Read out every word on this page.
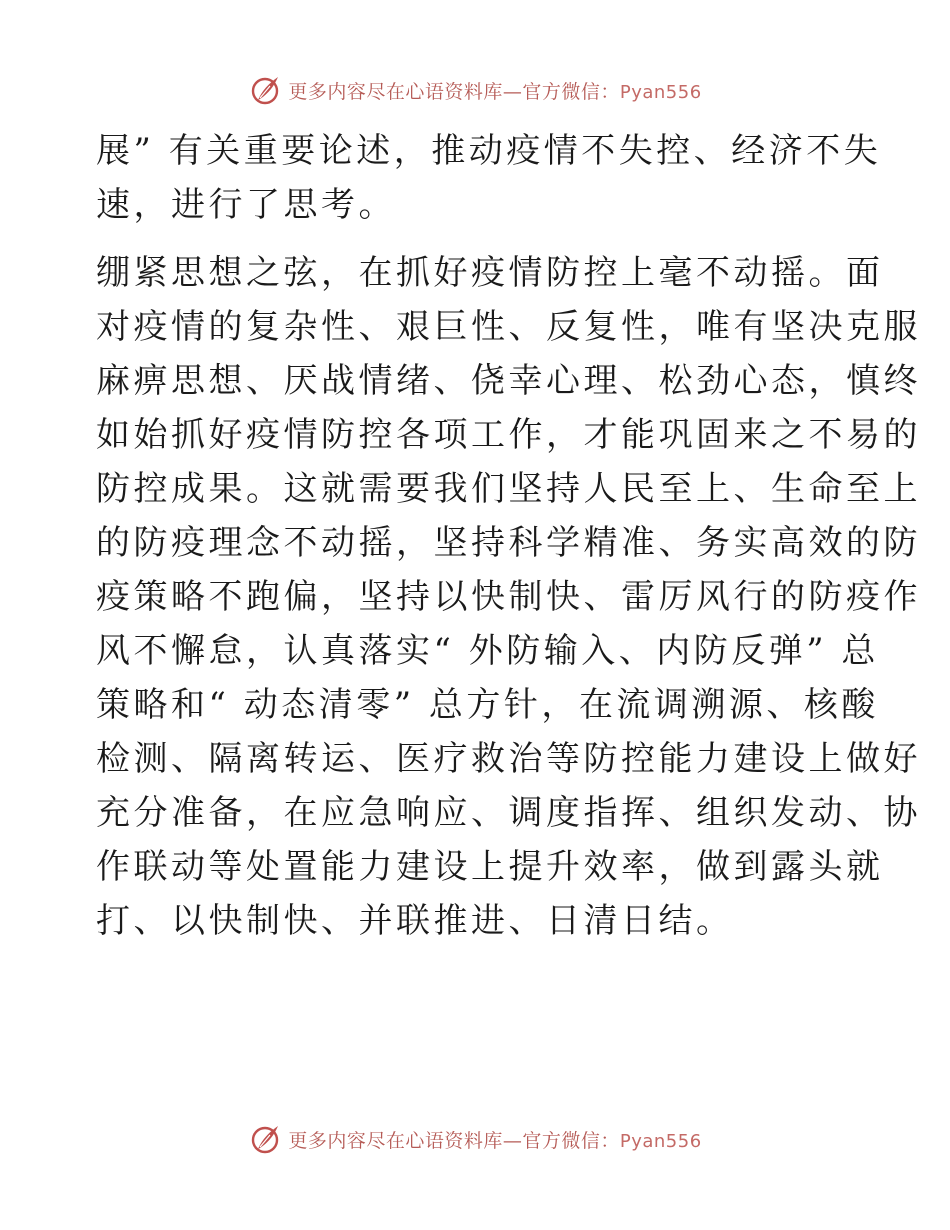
更多内容尽在心语资料库—官方微信：Pyan556
展” 有关重要论述，推动疫情不失控、经济不失
速，进行了思考。
绷紧思想之弦，在抓好疫情防控上毫不动摇。面
对疫情的复杂性、艰巨性、反复性，唯有坚决克服
麻痹思想、厌战情绪、侥幸心理、松劲心态，慎终
如始抓好疫情防控各项工作，才能巩固来之不易的
防控成果。这就需要我们坚持人民至上、生命至上
的防疫理念不动摇，坚持科学精准、务实高效的防
疫策略不跑偏，坚持以快制快、雷厉风行的防疫作
风不懈怠，认真落实“ 外防输入、内防反弹” 总
策略和“ 动态清零” 总方针，在流调溯源、核酸
检测、隔离转运、医疗救治等防控能力建设上做好
充分准备，在应急响应、调度指挥、组织发动、协
作联动等处置能力建设上提升效率，做到露头就
打、以快制快、并联推进、日清日结。
更多内容尽在心语资料库—官方微信：Pyan556
